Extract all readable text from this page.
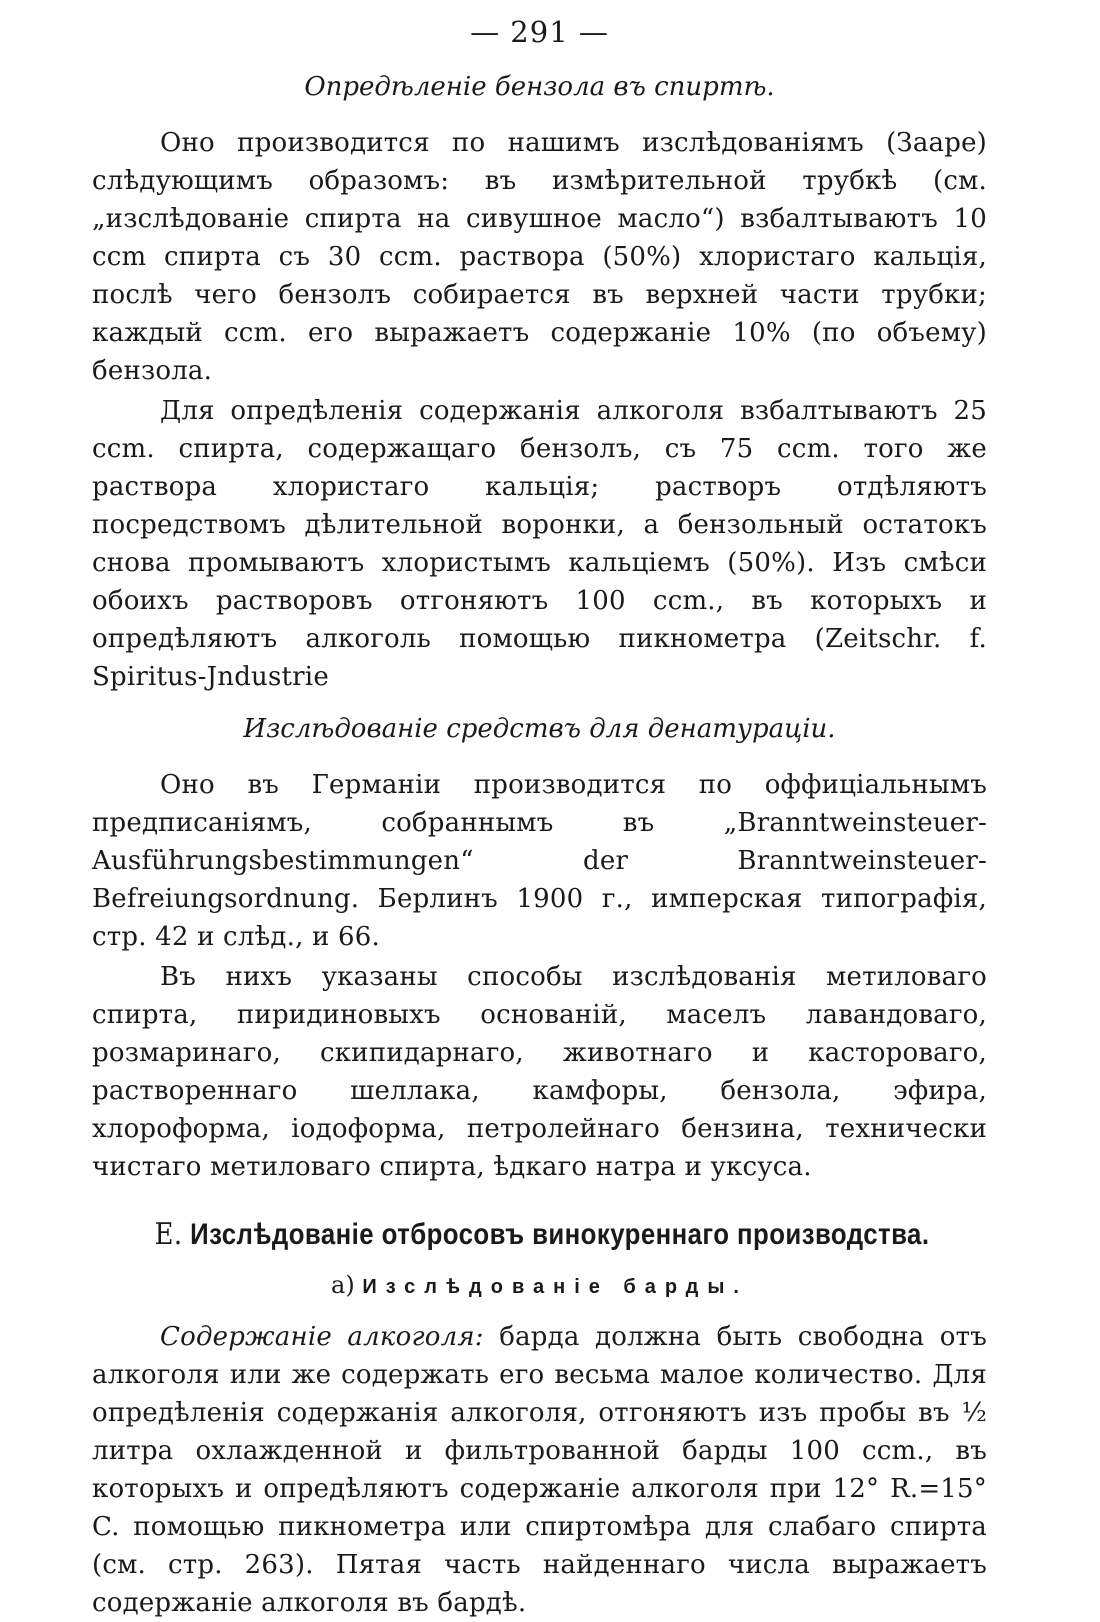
— 291 —
Опредѣленіе бензола въ спиртѣ.

Оно производится по нашимъ изслѣдованіямъ (Зааре) слѣдующимъ образомъ: въ измѣрительной трубкѣ (см. „изслѣдованіе спирта на сивушное масло“) взбалтываютъ 10 ccm спирта съ 30 ccm. раствора (50%) хлористаго кальція, послѣ чего бензолъ собирается въ верхней части трубки; каждый ccm. его выражаетъ содержаніе 10% (по объему) бензола.

Для опредѣленія содержанія алкоголя взбалтываютъ 25 ccm. спирта, содержащаго бензолъ, съ 75 ccm. того же раствора хлористаго кальція; растворъ отдѣляютъ посредствомъ дѣлительной воронки, а бензольный остатокъ снова промываютъ хлористымъ кальціемъ (50%). Изъ смѣси обоихъ растворовъ отгоняютъ 100 ccm., въ которыхъ и опредѣляютъ алкоголь помощью пикнометра (Zeitschr. f. Spiritus-Jndustrie

Изслѣдованіе средствъ для денатураціи.

Оно въ Германіи производится по оффиціальнымъ предписаніямъ, собраннымъ въ „Branntweinsteuer-Ausführungsbestimmungen“ der Branntweinsteuer-Befreiungsordnung. Берлинъ 1900 г., имперская типографія, стр. 42 и слѣд., и 66.

Въ нихъ указаны способы изслѣдованія метиловаго спирта, пиридиновыхъ основаній, маселъ лавандоваго, розмаринаго, скипидарнаго, животнаго и касторовaго, растворeннаго шеллака, камфоры, бензола, эфира, хлороформа, іодоформа, петролейнаго бензина, технически чистаго метиловаго спирта, ѣдкаго натра и уксуса.

E. Изслѣдованіе отбросовъ винокуреннаго производства.
a) Изслѣдованіе барды.

Содержаніе алкоголя: барда должна быть свободна отъ алкоголя или же содержать его весьма малое количество. Для опредѣленія содержанія алкоголя, отгоняютъ изъ пробы въ ½ литра охлажденной и фильтрованной барды 100 ccm., въ которыхъ и опредѣляютъ содержаніе алкоголя при 12° R.=15° C. помощью пикнометра или спиртомѣра для слабаго спирта (см. стр. 263). Пятая часть найденнаго числа выражаетъ содержаніе алкоголя въ бардѣ.
